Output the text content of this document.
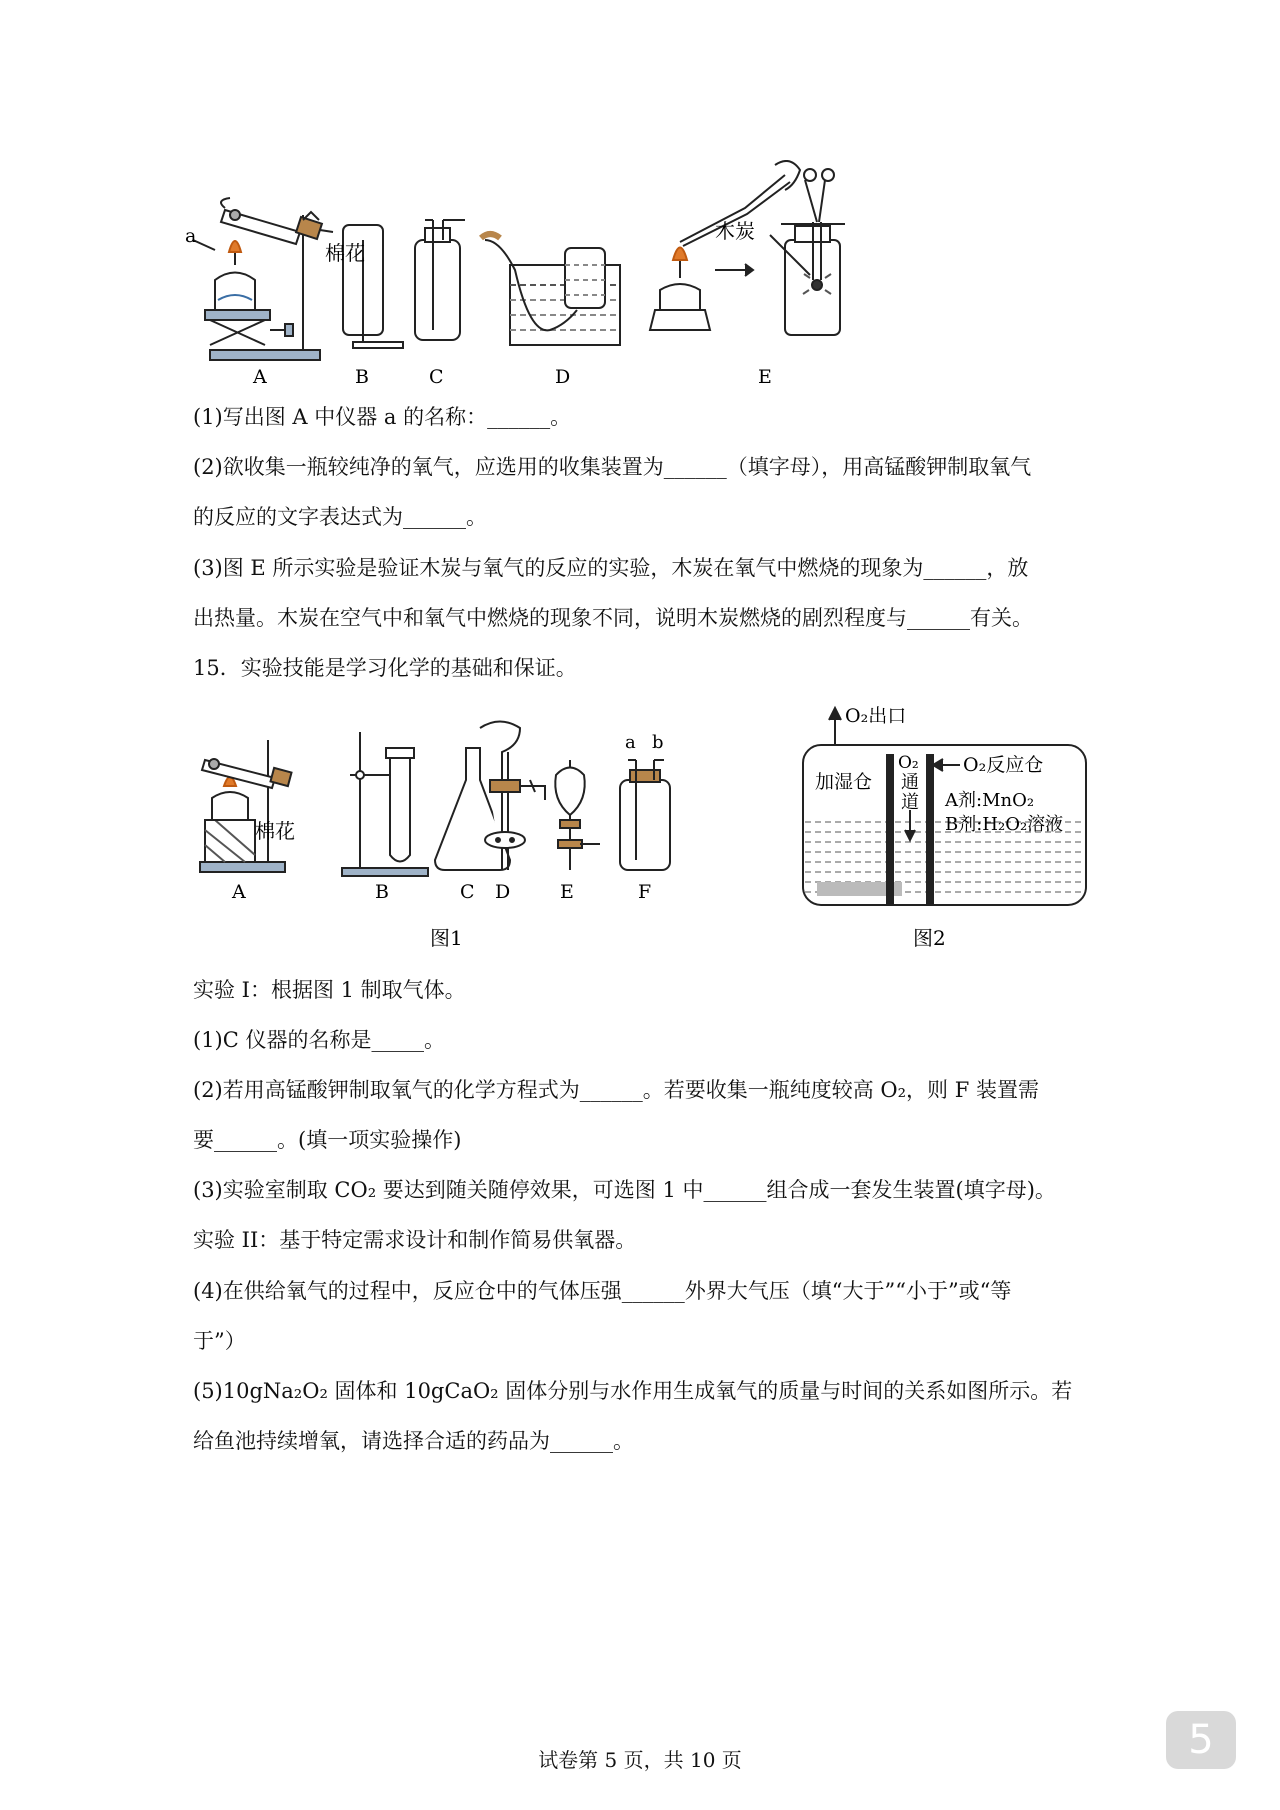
a
棉花
木炭
A	B	C	D	E
(1)写出图 A 中仪器 a 的名称：______。
(2)欲收集一瓶较纯净的氧气，应选用的收集装置为______（填字母），用高锰酸钾制取氧气
的反应的文字表达式为______。
(3)图 E 所示实验是验证木炭与氧气的反应的实验，木炭在氧气中燃烧的现象为______，放
出热量。木炭在空气中和氧气中燃烧的现象不同，说明木炭燃烧的剧烈程度与______有关。
15．实验技能是学习化学的基础和保证。
棉花
a b
A	B	C D	E	F
图1
O₂出口
加湿仓
O₂
通
道
O₂反应仓
A剂:MnO₂
B剂:H₂O₂溶液
图2
实验 I：根据图 1 制取气体。
(1)C 仪器的名称是_____。
(2)若用高锰酸钾制取氧气的化学方程式为______。若要收集一瓶纯度较高 O₂，则 F 装置需
要______。(填一项实验操作)
(3)实验室制取 CO₂ 要达到随关随停效果，可选图 1 中______组合成一套发生装置(填字母)。
实验 II：基于特定需求设计和制作简易供氧器。
(4)在供给氧气的过程中，反应仓中的气体压强______外界大气压（填“大于”“小于”或“等
于”）
(5)10gNa₂O₂ 固体和 10gCaO₂ 固体分别与水作用生成氧气的质量与时间的关系如图所示。若
给鱼池持续增氧，请选择合适的药品为______。
试卷第 5 页，共 10 页	5
